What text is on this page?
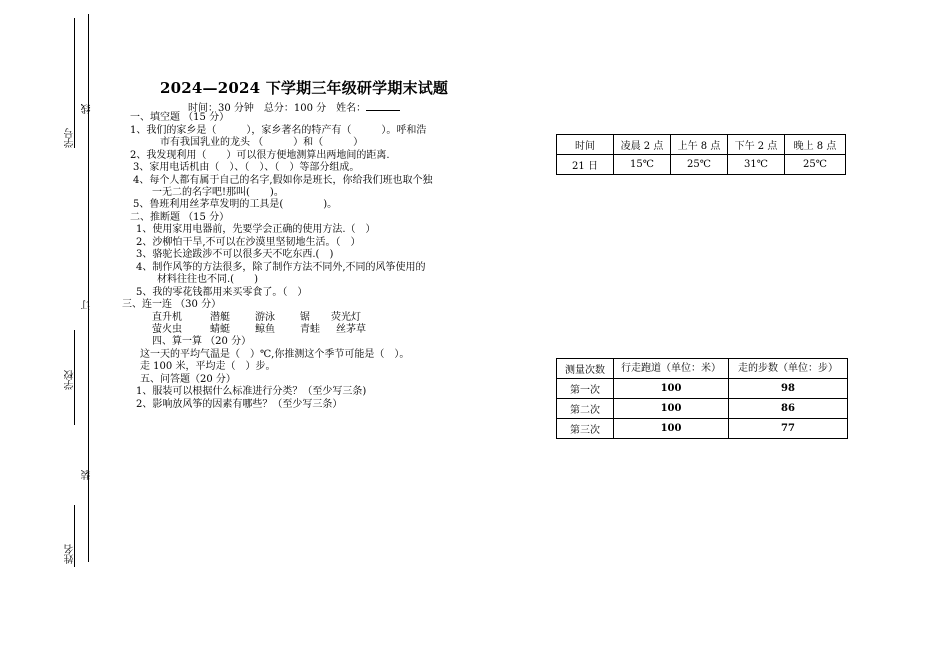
学号
线
订
学校
装
姓名
2024—2024 下学期三年级研学期末试题
时间：30 分钟　总分：100 分　姓名：
一、填空题 （15 分）
1、我们的家乡是（　　　），家乡著名的特产有（　　　）。呼和浩
市有我国乳业的龙头 （　　　）和（　　　）
2、我发现利用（　　）可以很方便地测算出两地间的距离.
3、家用电话机由（　）、（　）、（　）等部分组成。
4、每个人都有属于自己的名字,假如你是班长，你给我们班也取个独
一无二的名字吧!那叫(　　)。
5、鲁班利用丝茅草发明的工具是(　　　　)。
二、推断题 （15 分）
1、使用家用电器前，先要学会正确的使用方法.（　）
2、沙柳怕干旱,不可以在沙漠里坚韧地生活。（　）
3、骆驼长途跋涉不可以很多天不吃东西.(　)
4、制作风筝的方法很多，除了制作方法不同外,不同的风筝使用的
材料往往也不同.(　　)
5、我的零花钱都用来买零食了。（　）
三、连一连 （30 分）
直升机	潜艇	游泳	锯 荧光灯
萤火虫	蜻蜓	鲸鱼	青蛙 丝茅草
四、算一算 （20 分）
这一天的平均气温是（　）℃,你推测这个季节可能是（　）。
走 100 米，平均走（　）步。
五、问答题（20 分）
1、服装可以根据什么标准进行分类？（至少写三条)
2、影响放风筝的因素有哪些？（至少写三条）
时间	凌晨 2 点	上午 8 点	下午 2 点	晚上 8 点
21 日	15℃	25℃	31℃	25℃
测量次数	行走跑道（单位：米）	走的步数（单位：步）
第一次	100	98
第二次	100	86
第三次	100	77
